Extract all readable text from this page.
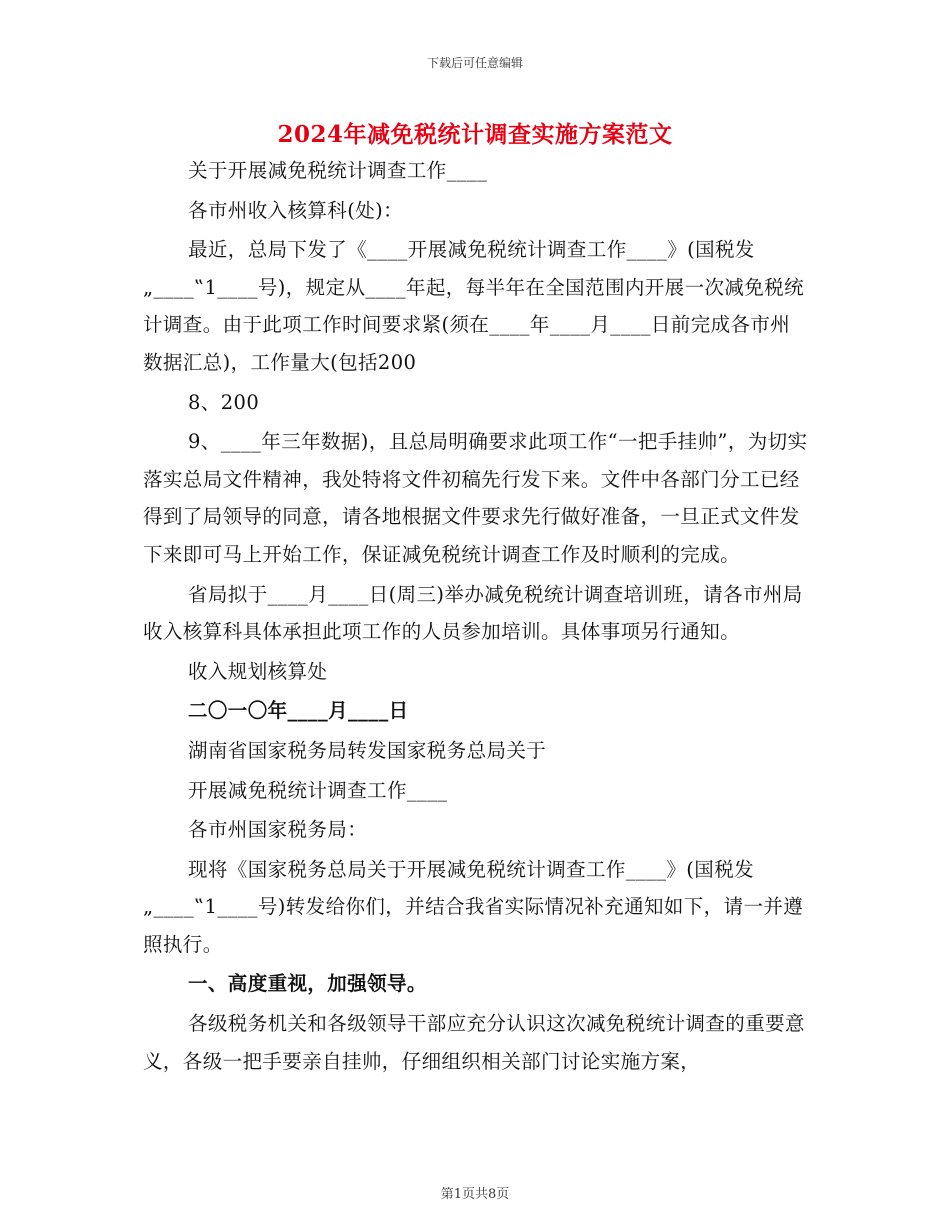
下载后可任意编辑
2024年减免税统计调查实施方案范文

关于开展减免税统计调查工作____

各市州收入核算科(处)：

最近，总局下发了《____开展减免税统计调查工作____》(国税发„____‟1____号)，规定从____年起，每半年在全国范围内开展一次减免税统计调查。由于此项工作时间要求紧(须在____年____月____日前完成各市州数据汇总)，工作量大(包括200

8、200

9、____年三年数据)，且总局明确要求此项工作“一把手挂帅”，为切实落实总局文件精神，我处特将文件初稿先行发下来。文件中各部门分工已经得到了局领导的同意，请各地根据文件要求先行做好准备，一旦正式文件发下来即可马上开始工作，保证减免税统计调查工作及时顺利的完成。

省局拟于____月____日(周三)举办减免税统计调查培训班，请各市州局收入核算科具体承担此项工作的人员参加培训。具体事项另行通知。

收入规划核算处

二〇一〇年____月____日

湖南省国家税务局转发国家税务总局关于

开展减免税统计调查工作____

各市州国家税务局：

现将《国家税务总局关于开展减免税统计调查工作____》(国税发„____‟1____号)转发给你们，并结合我省实际情况补充通知如下，请一并遵照执行。

一、高度重视，加强领导。

各级税务机关和各级领导干部应充分认识这次减免税统计调查的重要意义，各级一把手要亲自挂帅，仔细组织相关部门讨论实施方案，

第1页共8页
